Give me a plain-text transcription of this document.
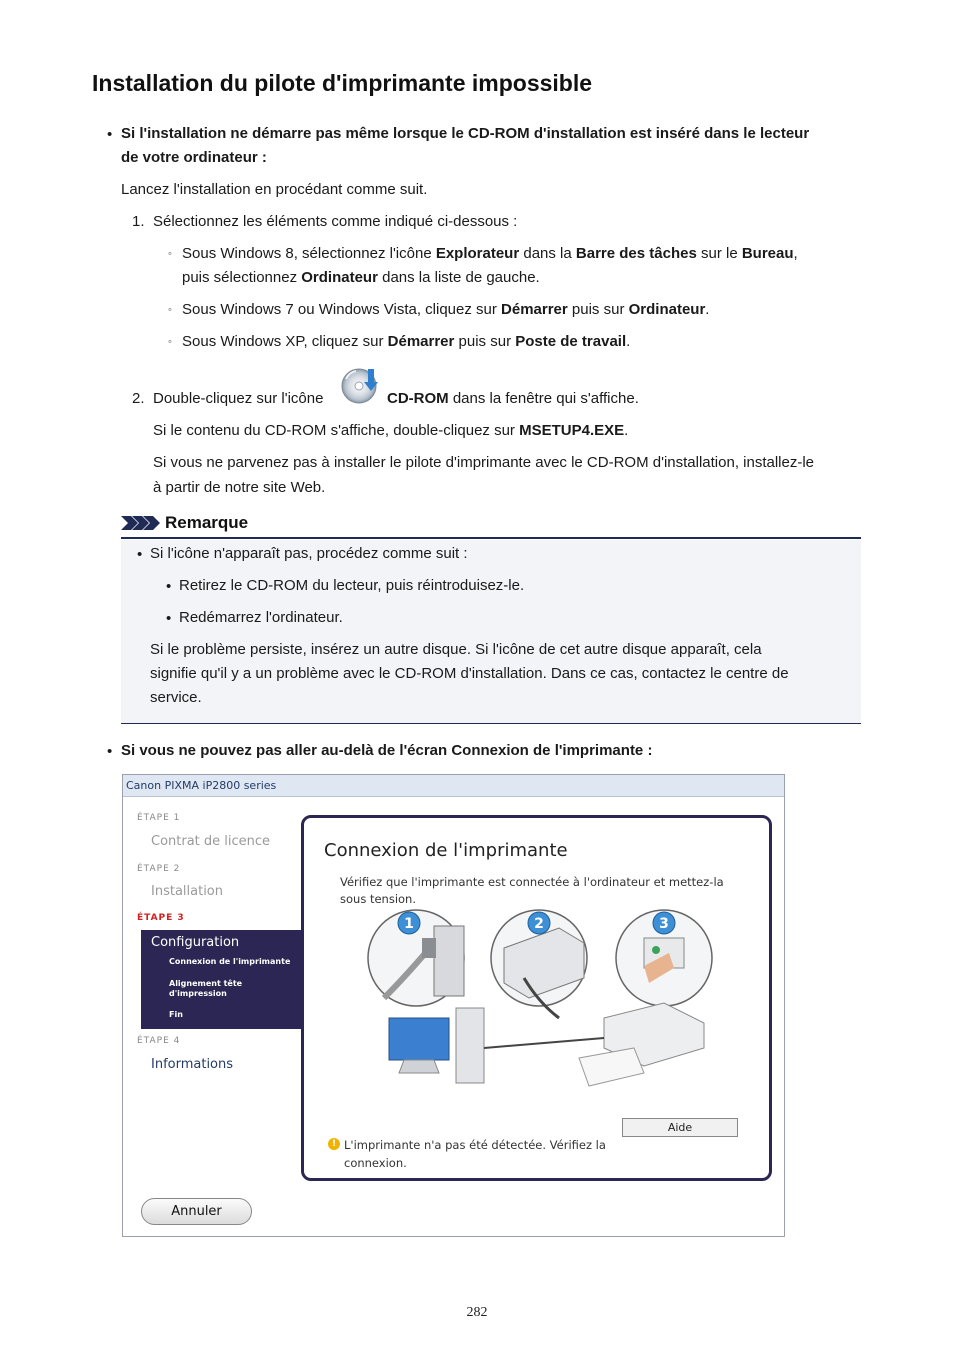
Installation du pilote d'imprimante impossible
• Si l'installation ne démarre pas même lorsque le CD-ROM d'installation est inséré dans le lecteur
de votre ordinateur :
Lancez l'installation en procédant comme suit.
1. Sélectionnez les éléments comme indiqué ci-dessous :
◦ Sous Windows 8, sélectionnez l'icône Explorateur dans la Barre des tâches sur le Bureau,
puis sélectionnez Ordinateur dans la liste de gauche.
◦ Sous Windows 7 ou Windows Vista, cliquez sur Démarrer puis sur Ordinateur.
◦ Sous Windows XP, cliquez sur Démarrer puis sur Poste de travail.
2. Double-cliquez sur l'icône	CD-ROM dans la fenêtre qui s'affiche.
Si le contenu du CD-ROM s'affiche, double-cliquez sur MSETUP4.EXE.
Si vous ne parvenez pas à installer le pilote d'imprimante avec le CD-ROM d'installation, installez-le
à partir de notre site Web.
Remarque
• Si l'icône n'apparaît pas, procédez comme suit :
• Retirez le CD-ROM du lecteur, puis réintroduisez-le.
• Redémarrez l'ordinateur.
Si le problème persiste, insérez un autre disque. Si l'icône de cet autre disque apparaît, cela
signifie qu'il y a un problème avec le CD-ROM d'installation. Dans ce cas, contactez le centre de
service.
• Si vous ne pouvez pas aller au-delà de l'écran Connexion de l'imprimante :
Canon PIXMA iP2800 series
ÉTAPE 1
Contrat de licence
ÉTAPE 2
Installation
ÉTAPE 3
Configuration
Connexion de l'imprimante
Alignement tête
d'impression
Fin
ÉTAPE 4
Informations
Connexion de l'imprimante
Vérifiez que l'imprimante est connectée à l'ordinateur et mettez-la sous tension.
1	2	3
Aide
! L'imprimante n'a pas été détectée. Vérifiez la connexion.
Annuler
282
